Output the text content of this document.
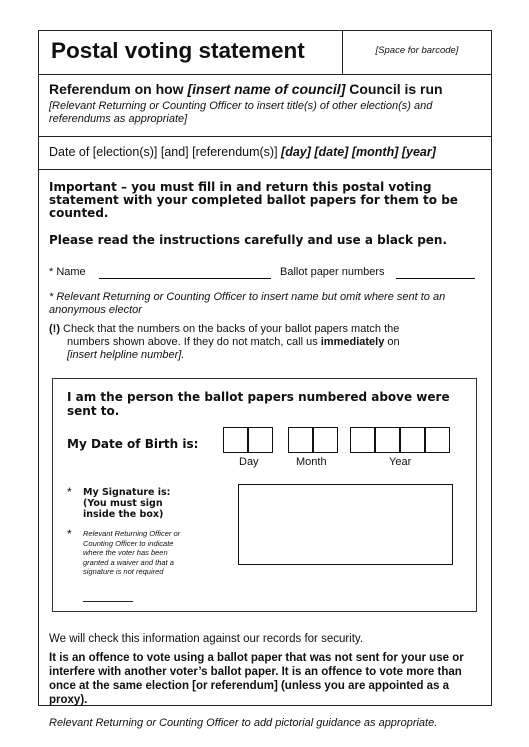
Postal voting statement	[Space for barcode]
Referendum on how [insert name of council] Council is run
[Relevant Returning or Counting Officer to insert title(s) of other election(s) and referendums as appropriate]
Date of [election(s)] [and] [referendum(s)] [day] [date] [month] [year]
Important – you must fill in and return this postal voting statement with your completed ballot papers for them to be counted.
Please read the instructions carefully and use a black pen.
* Name	Ballot paper numbers
* Relevant Returning or Counting Officer to insert name but omit where sent to an anonymous elector
(!) Check that the numbers on the backs of your ballot papers match the
numbers shown above. If they do not match, call us immediately on
[insert helpline number].
I am the person the ballot papers numbered above were sent to.
My Date of Birth is:
Day	Month	Year
* My Signature is: (You must sign inside the box)
* Relevant Returning Officer or Counting Officer to indicate where the voter has been granted a waiver and that a signature is not required
We will check this information against our records for security.
It is an offence to vote using a ballot paper that was not sent for your use or interfere with another voter’s ballot paper. It is an offence to vote more than once at the same election [or referendum] (unless you are appointed as a proxy).
Relevant Returning or Counting Officer to add pictorial guidance as appropriate.
